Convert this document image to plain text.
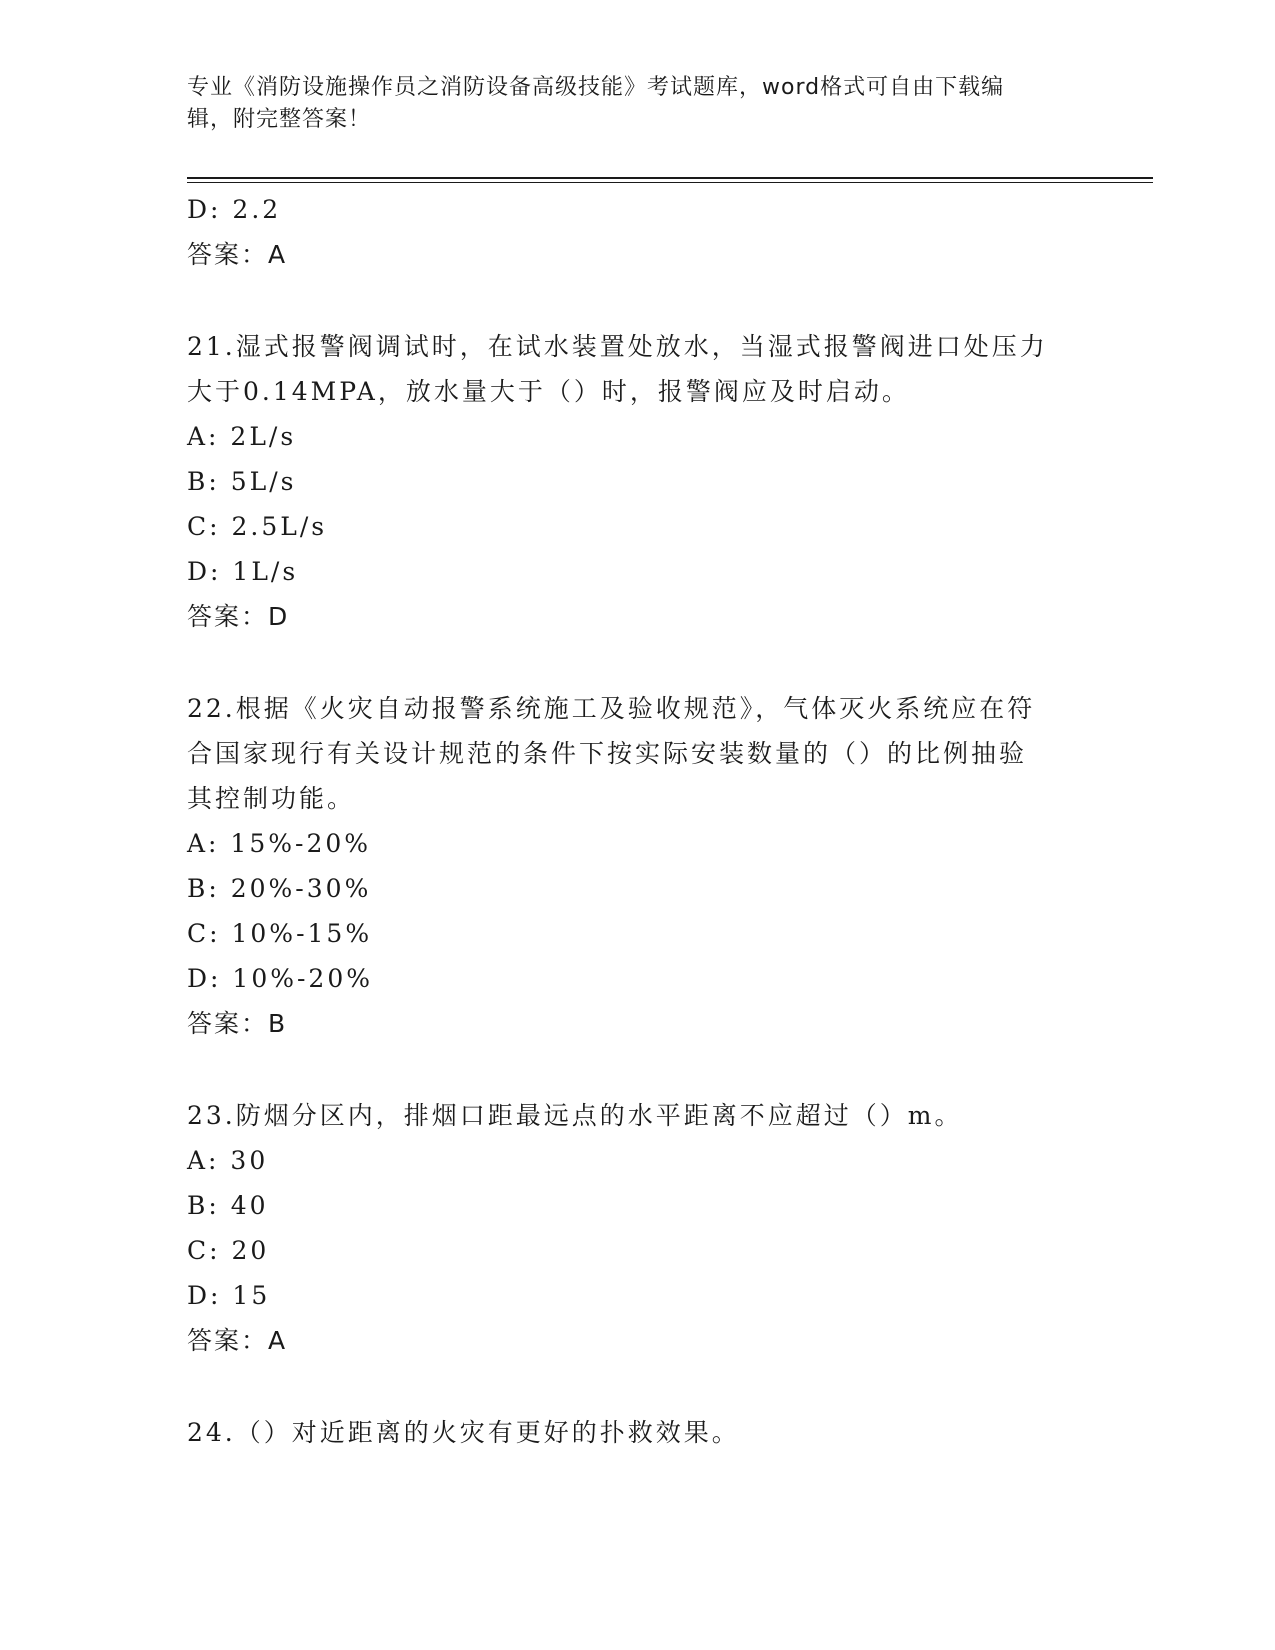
专业《消防设施操作员之消防设备高级技能》考试题库，word格式可自由下载编
辑，附完整答案！
D: 2.2
答案：A
21.湿式报警阀调试时，在试水装置处放水，当湿式报警阀进口处压力
大于0.14MPA，放水量大于（）时，报警阀应及时启动。
A: 2L/s
B: 5L/s
C: 2.5L/s
D: 1L/s
答案：D
22.根据《火灾自动报警系统施工及验收规范》，气体灭火系统应在符
合国家现行有关设计规范的条件下按实际安装数量的（）的比例抽验
其控制功能。
A: 15%-20%
B: 20%-30%
C: 10%-15%
D: 10%-20%
答案：B
23.防烟分区内，排烟口距最远点的水平距离不应超过（）m。
A: 30
B: 40
C: 20
D: 15
答案：A
24.（）对近距离的火灾有更好的扑救效果。
